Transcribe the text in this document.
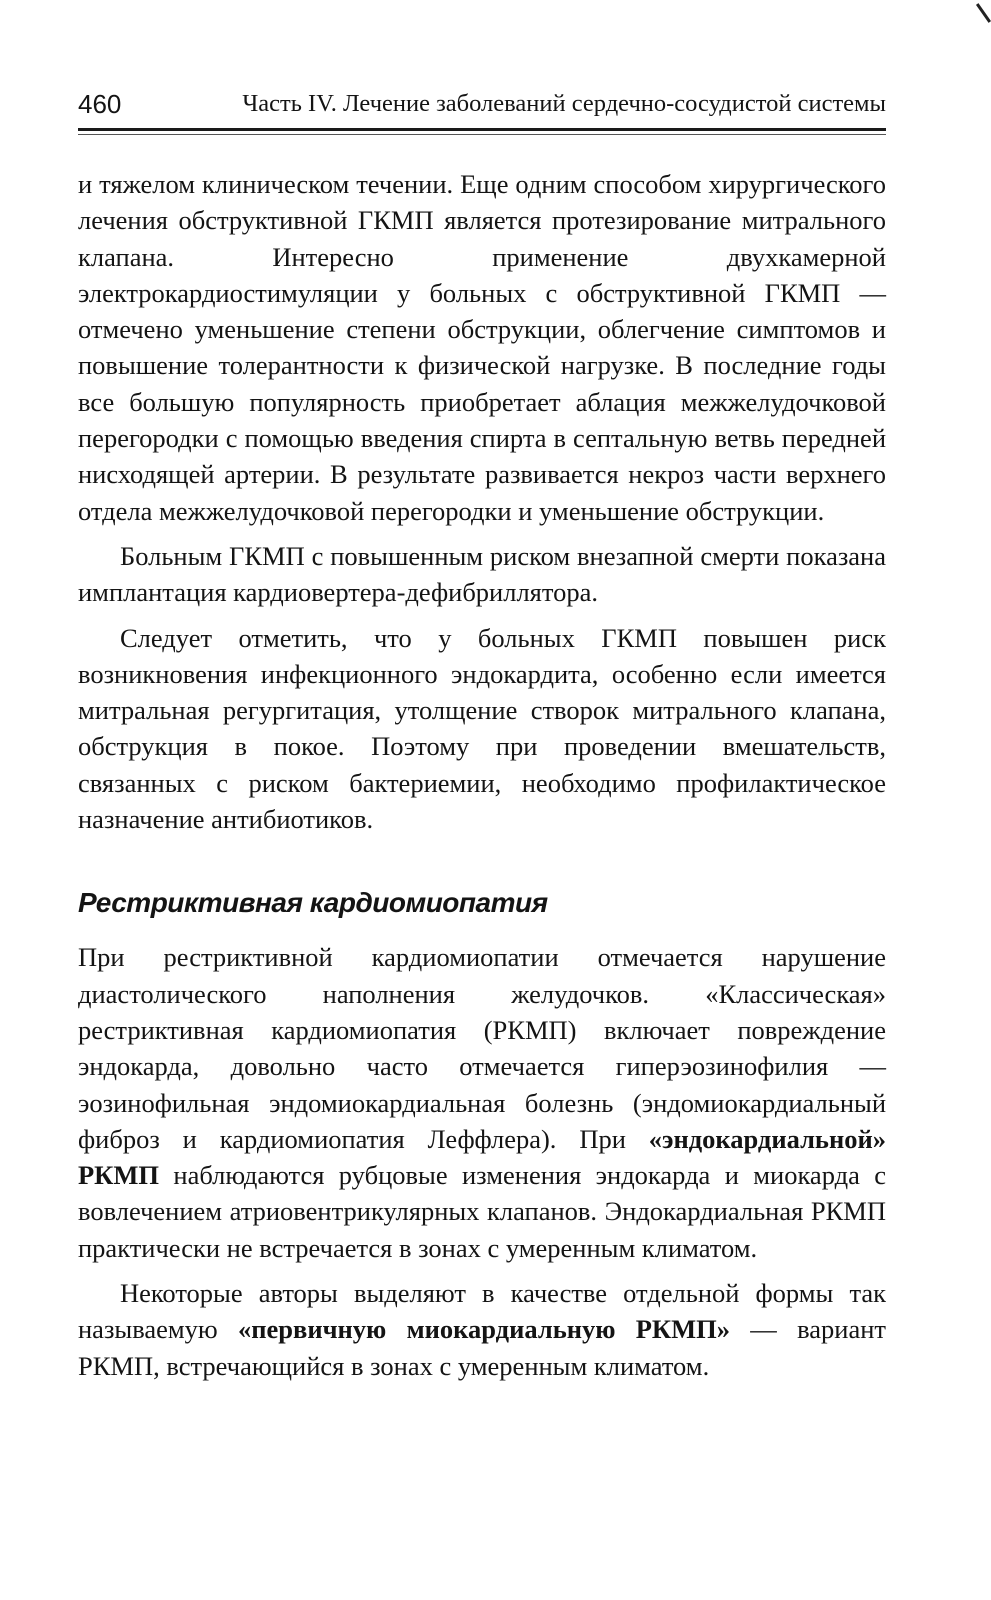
460	Часть IV. Лечение заболеваний сердечно-сосудистой системы

и тяжелом клиническом течении. Еще одним способом хирургического лечения обструктивной ГКМП является протезирование митрального клапана. Интересно применение двухкамерной электрокардиостимуляции у больных с обструктивной ГКМП — отмечено уменьшение степени обструкции, облегчение симптомов и повышение толерантности к физической нагрузке. В последние годы все большую популярность приобретает аблация межжелудочковой перегородки с помощью введения спирта в септальную ветвь передней нисходящей артерии. В результате развивается некроз части верхнего отдела межжелудочковой перегородки и уменьшение обструкции.

Больным ГКМП с повышенным риском внезапной смерти показана имплантация кардиовертера-дефибриллятора.

Следует отметить, что у больных ГКМП повышен риск возникновения инфекционного эндокардита, особенно если имеется митральная регургитация, утолщение створок митрального клапана, обструкция в покое. Поэтому при проведении вмешательств, связанных с риском бактериемии, необходимо профилактическое назначение антибиотиков.

Рестриктивная кардиомиопатия

При рестриктивной кардиомиопатии отмечается нарушение диастолического наполнения желудочков. «Классическая» рестриктивная кардиомиопатия (РКМП) включает повреждение эндокарда, довольно часто отмечается гиперэозинофилия — эозинофильная эндомиокардиальная болезнь (эндомиокардиальный фиброз и кардиомиопатия Леффлера). При «эндокардиальной» РКМП наблюдаются рубцовые изменения эндокарда и миокарда с вовлечением атриовентрикулярных клапанов. Эндокардиальная РКМП практически не встречается в зонах с умеренным климатом.

Некоторые авторы выделяют в качестве отдельной формы так называемую «первичную миокардиальную РКМП» — вариант РКМП, встречающийся в зонах с умеренным климатом.
